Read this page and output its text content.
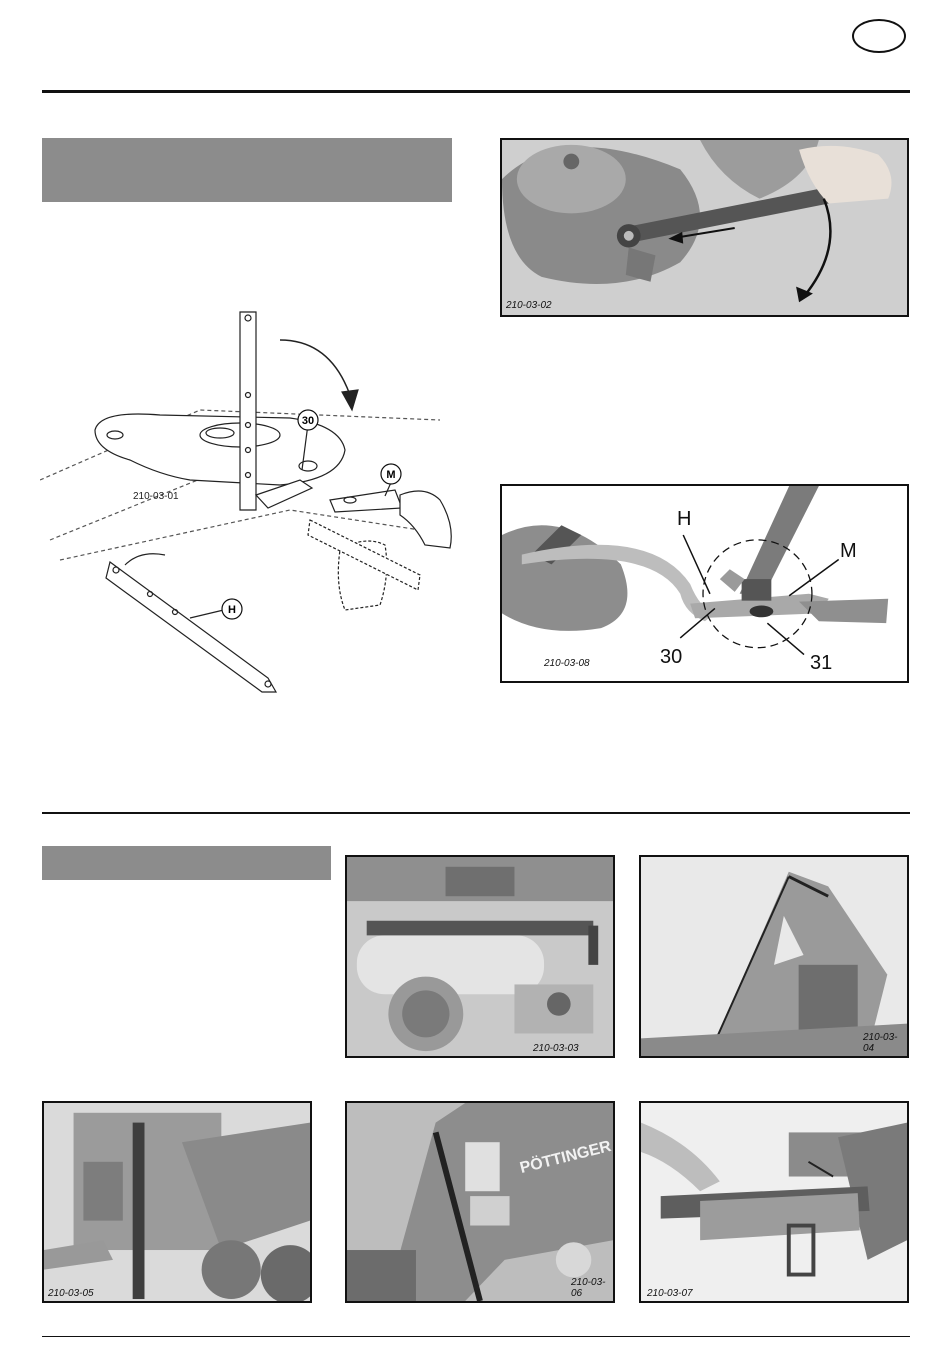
30
M
H
210-03-01
210-03-02
H
M
30	31
210-03-08
210-03-03
210-03-04
210-03-05
PÖTTINGER
210-03-06	210-03-07
